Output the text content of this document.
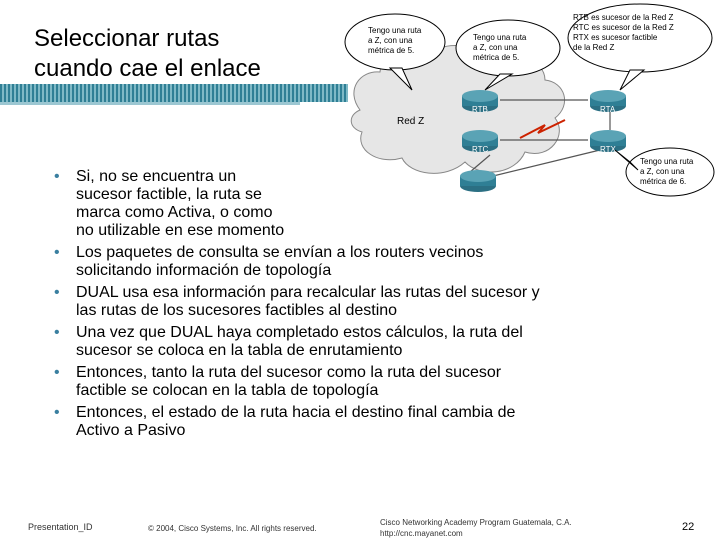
Seleccionar rutas
cuando cae el enlace
Red Z
RTB	RTA
RTC	RTX
Tengo una ruta a Z, con una métrica de 5.
Tengo una ruta a Z, con una métrica de 5.
RTB es sucesor de la Red Z RTC es sucesor de la Red Z RTX es sucesor factible de la Red Z
Tengo una ruta a Z, con una métrica de 6.
• Si, no se encuentra un
sucesor factible, la ruta se
marca como Activa, o como
no utilizable en ese momento
• Los paquetes de consulta se envían a los routers vecinos
solicitando información de topología
• DUAL usa esa información para recalcular las rutas del sucesor y
las rutas de los sucesores factibles al destino
• Una vez que DUAL haya completado estos cálculos, la ruta del
sucesor se coloca en la tabla de enrutamiento
• Entonces, tanto la ruta del sucesor como la ruta del sucesor
factible se colocan en la tabla de topología
• Entonces, el estado de la ruta hacia el destino final cambia de
Activo a Pasivo
Presentation_ID	© 2004, Cisco Systems, Inc. All rights reserved.
Cisco Networking Academy Program Guatemala, C.A.
http://cnc.mayanet.com
22
